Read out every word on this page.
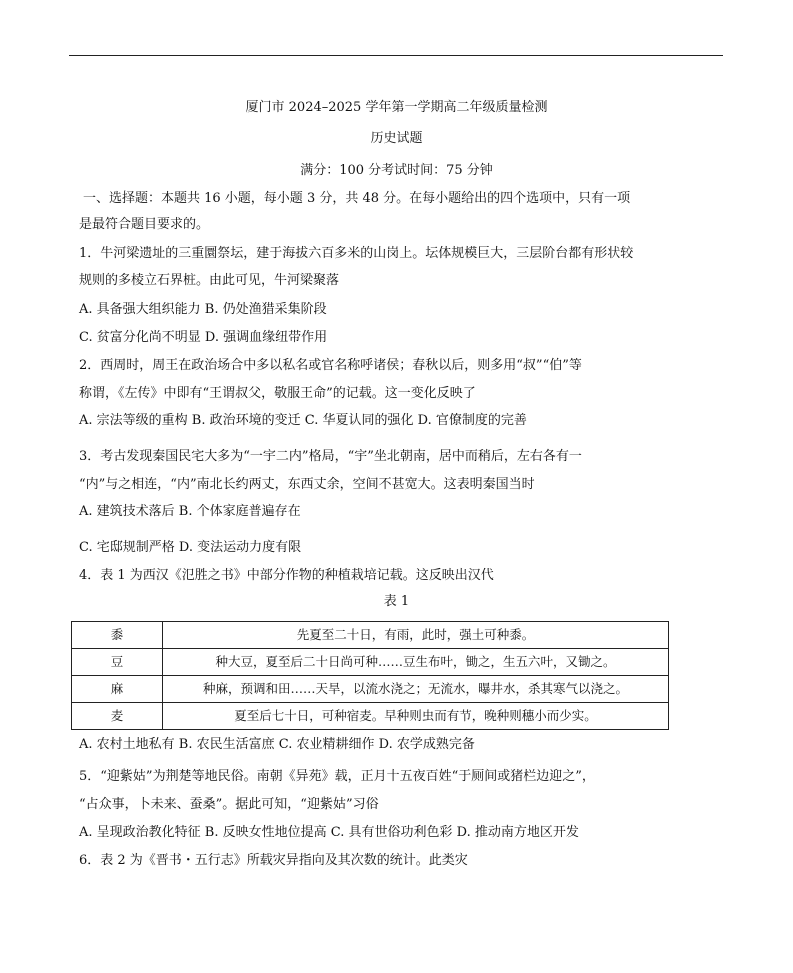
厦门市 2024–2025 学年第一学期高二年级质量检测
历史试题
满分：100 分考试时间：75 分钟
一、选择题：本题共 16 小题，每小题 3 分，共 48 分。在每小题给出的四个选项中，只有一项
是最符合题目要求的。
1．牛河梁遗址的三重圜祭坛，建于海拔六百多米的山岗上。坛体规模巨大，三层阶台都有形状较
规则的多棱立石界桩。由此可见，牛河梁聚落
A. 具备强大组织能力 B. 仍处渔猎采集阶段
C. 贫富分化尚不明显 D. 强调血缘纽带作用
2．西周时，周王在政治场合中多以私名或官名称呼诸侯；春秋以后，则多用“叔”“伯”等
称谓，《左传》中即有“王谓叔父，敬服王命”的记载。这一变化反映了
A. 宗法等级的重构 B. 政治环境的变迁 C. 华夏认同的强化 D. 官僚制度的完善
3．考古发现秦国民宅大多为“一宇二内”格局，“宇”坐北朝南，居中而稍后，左右各有一
“内”与之相连，“内”南北长约两丈，东西丈余，空间不甚宽大。这表明秦国当时
A. 建筑技术落后 B. 个体家庭普遍存在
C. 宅邸规制严格 D. 变法运动力度有限
4．表 1 为西汉《氾胜之书》中部分作物的种植栽培记载。这反映出汉代
表 1
黍	先夏至二十日，有雨，此时，强土可种黍。
豆	种大豆，夏至后二十日尚可种……豆生布叶，锄之，生五六叶，又锄之。
麻	种麻，预调和田……天旱，以流水浇之；无流水，曝井水，杀其寒气以浇之。
麦	夏至后七十日，可种宿麦。早种则虫而有节，晚种则穗小而少实。
A. 农村土地私有 B. 农民生活富庶 C. 农业精耕细作 D. 农学成熟完备
5．“迎紫姑”为荆楚等地民俗。南朝《异苑》载，正月十五夜百姓“于厕间或猪栏边迎之”，
“占众事，卜未来、蚕桑”。据此可知，“迎紫姑”习俗
A. 呈现政治教化特征 B. 反映女性地位提高 C. 具有世俗功利色彩 D. 推动南方地区开发
6．表 2 为《晋书・五行志》所载灾异指向及其次数的统计。此类灾
